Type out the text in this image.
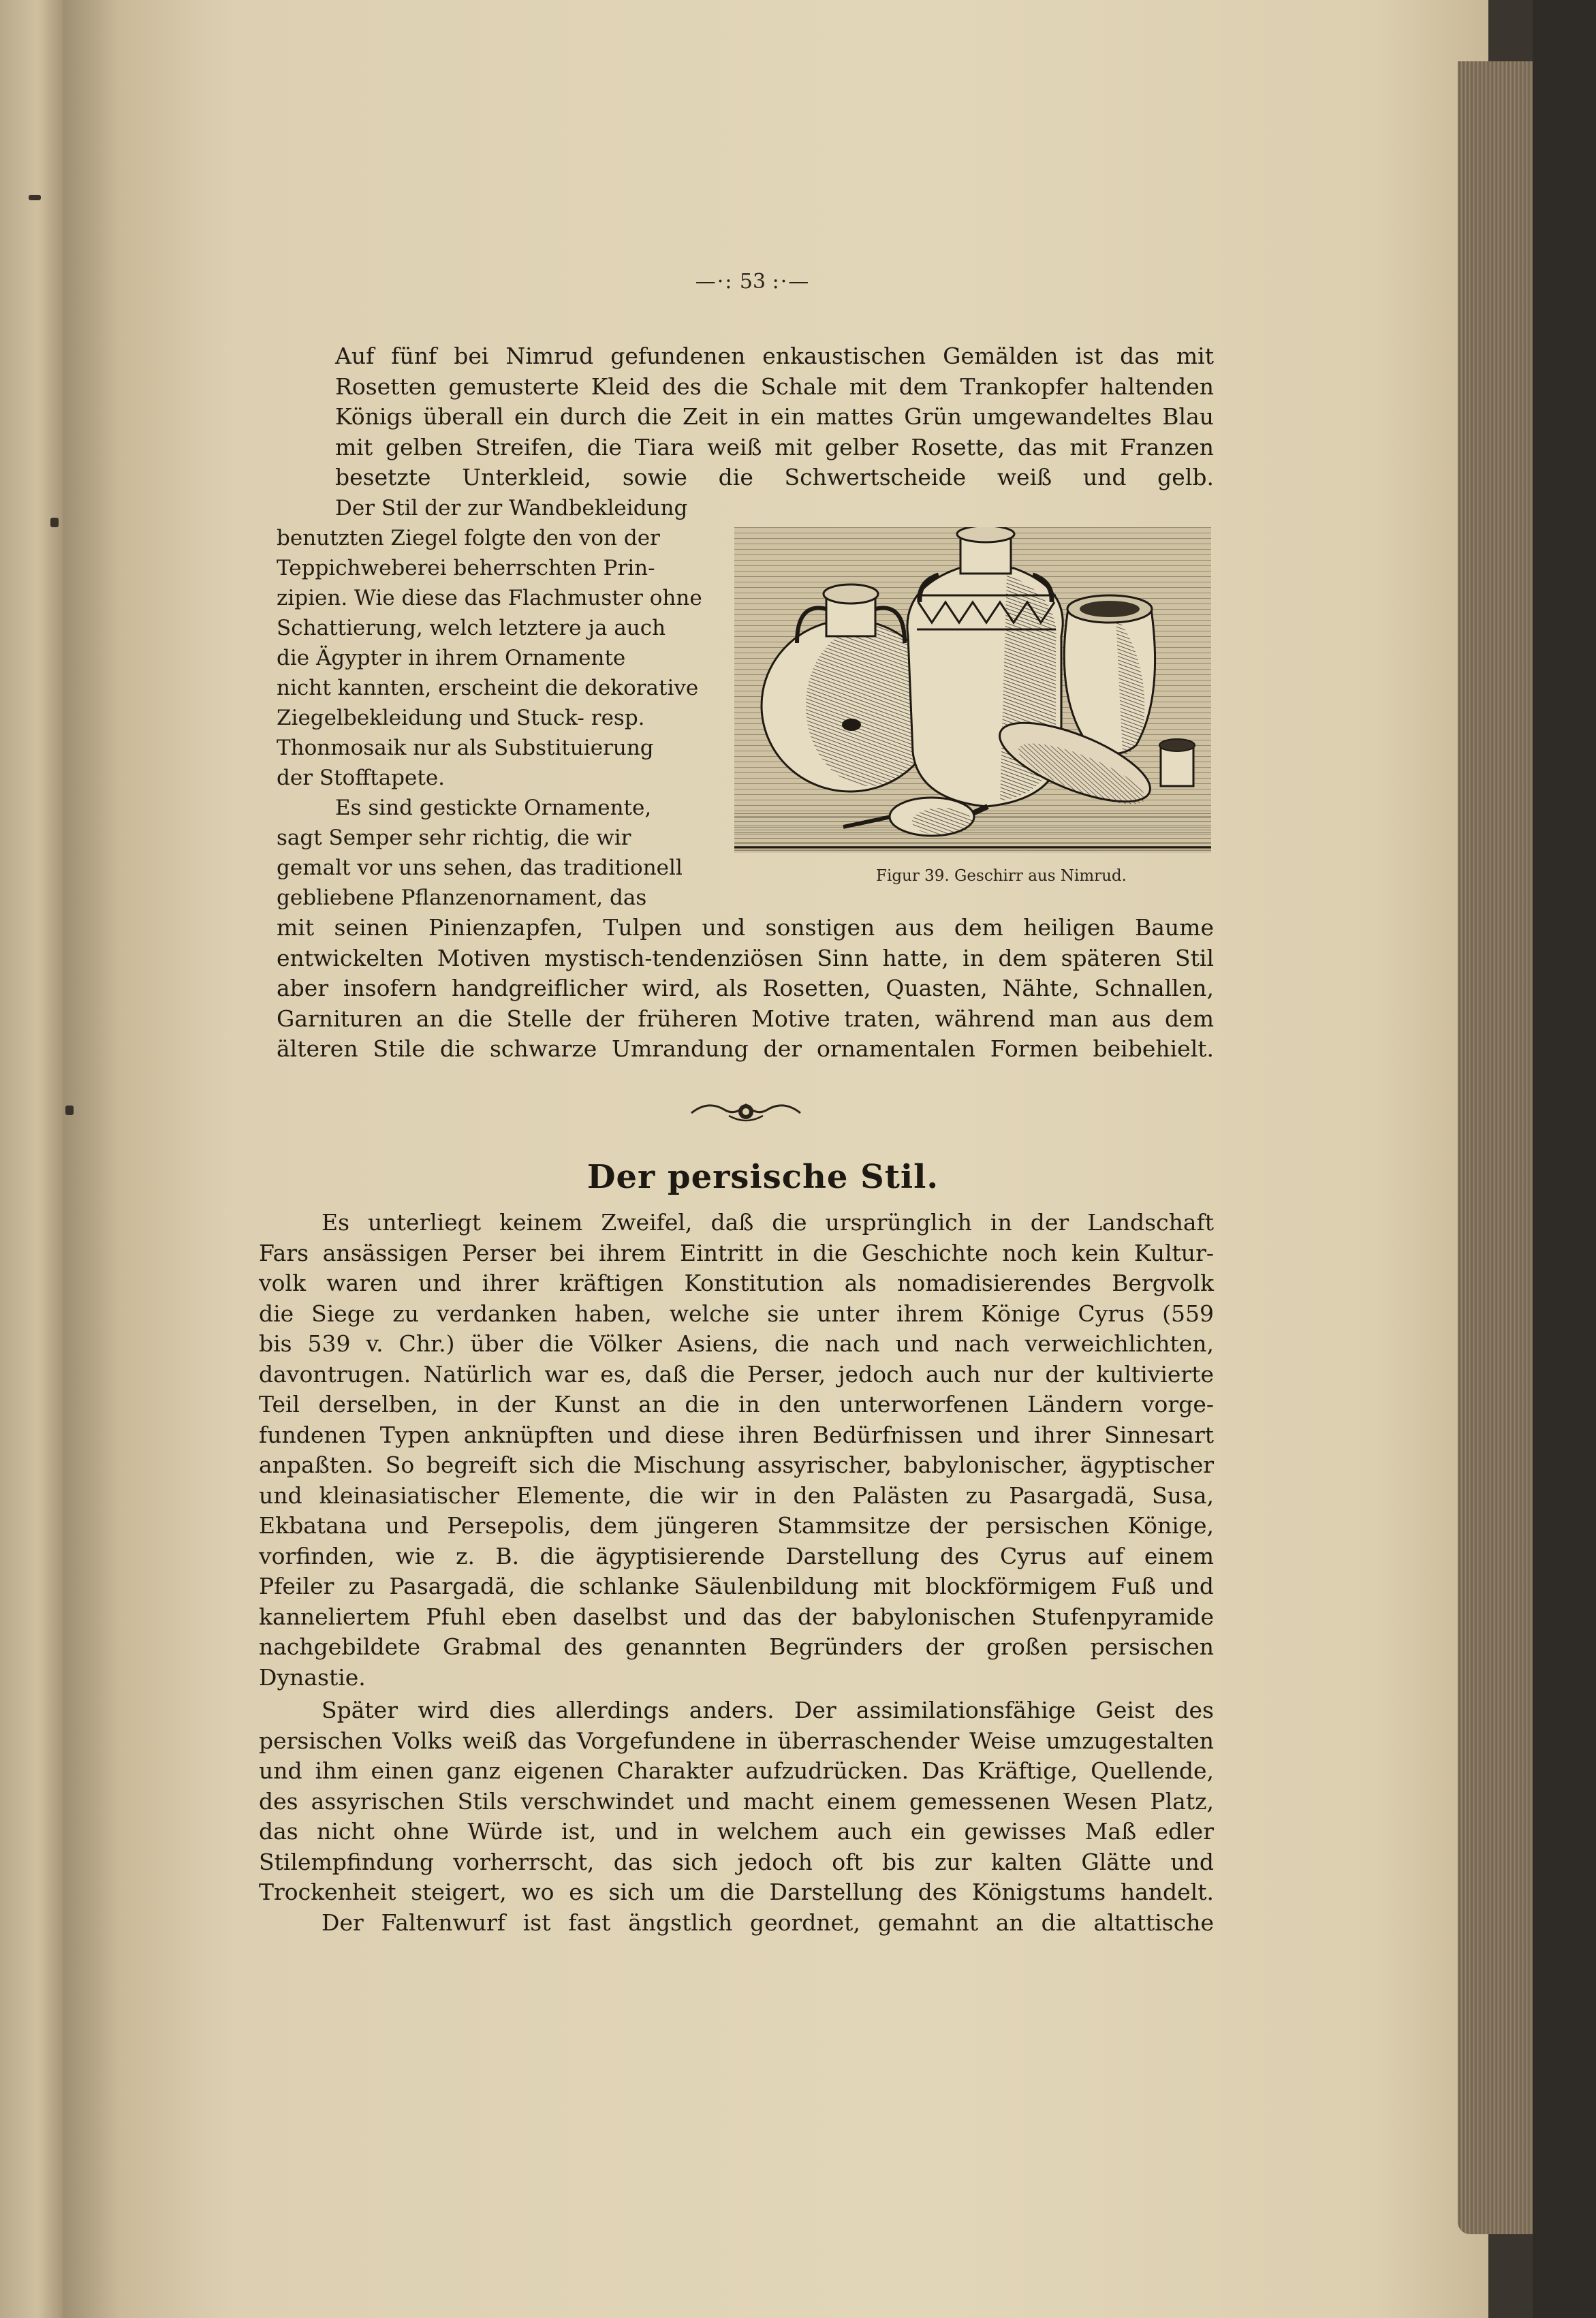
—·: 53 :·—
Auf fünf bei Nimrud gefundenen enkaustischen Gemälden ist das mit
Rosetten gemusterte Kleid des die Schale mit dem Trankopfer haltenden
Königs überall ein durch die Zeit in ein mattes Grün umgewandeltes Blau
mit gelben Streifen, die Tiara weiß mit gelber Rosette, das mit Franzen
besetzte Unterkleid, sowie die Schwertscheide weiß und gelb.
Der Stil der zur Wandbekleidung
benutzten Ziegel folgte den von der
Teppichweberei beherrschten Prin-
zipien. Wie diese das Flachmuster ohne
Schattierung, welch letztere ja auch
die Ägypter in ihrem Ornamente
nicht kannten, erscheint die dekorative
Ziegelbekleidung und Stuck- resp.
Thonmosaik nur als Substituierung
der Stofftapete.
Es sind gestickte Ornamente,
sagt Semper sehr richtig, die wir
gemalt vor uns sehen, das traditionell
gebliebene Pflanzenornament, das
Figur 39. Geschirr aus Nimrud.
mit seinen Pinienzapfen, Tulpen und sonstigen aus dem heiligen Baume
entwickelten Motiven mystisch-tendenziösen Sinn hatte, in dem späteren Stil
aber insofern handgreiflicher wird, als Rosetten, Quasten, Nähte, Schnallen,
Garnituren an die Stelle der früheren Motive traten, während man aus dem
älteren Stile die schwarze Umrandung der ornamentalen Formen beibehielt.
Der persische Stil.
Es unterliegt keinem Zweifel, daß die ursprünglich in der Landschaft
Fars ansässigen Perser bei ihrem Eintritt in die Geschichte noch kein Kultur-
volk waren und ihrer kräftigen Konstitution als nomadisierendes Bergvolk
die Siege zu verdanken haben, welche sie unter ihrem Könige Cyrus (559
bis 539 v. Chr.) über die Völker Asiens, die nach und nach verweichlichten,
davontrugen. Natürlich war es, daß die Perser, jedoch auch nur der kultivierte
Teil derselben, in der Kunst an die in den unterworfenen Ländern vorge-
fundenen Typen anknüpften und diese ihren Bedürfnissen und ihrer Sinnesart
anpaßten. So begreift sich die Mischung assyrischer, babylonischer, ägyptischer
und kleinasiatischer Elemente, die wir in den Palästen zu Pasargadä, Susa,
Ekbatana und Persepolis, dem jüngeren Stammsitze der persischen Könige,
vorfinden, wie z. B. die ägyptisierende Darstellung des Cyrus auf einem
Pfeiler zu Pasargadä, die schlanke Säulenbildung mit blockförmigem Fuß und
kanneliertem Pfuhl eben daselbst und das der babylonischen Stufenpyramide
nachgebildete Grabmal des genannten Begründers der großen persischen
Dynastie.
Später wird dies allerdings anders. Der assimilationsfähige Geist des
persischen Volks weiß das Vorgefundene in überraschender Weise umzugestalten
und ihm einen ganz eigenen Charakter aufzudrücken. Das Kräftige, Quellende,
des assyrischen Stils verschwindet und macht einem gemessenen Wesen Platz,
das nicht ohne Würde ist, und in welchem auch ein gewisses Maß edler
Stilempfindung vorherrscht, das sich jedoch oft bis zur kalten Glätte und
Trockenheit steigert, wo es sich um die Darstellung des Königstums handelt.
Der Faltenwurf ist fast ängstlich geordnet, gemahnt an die altattische
